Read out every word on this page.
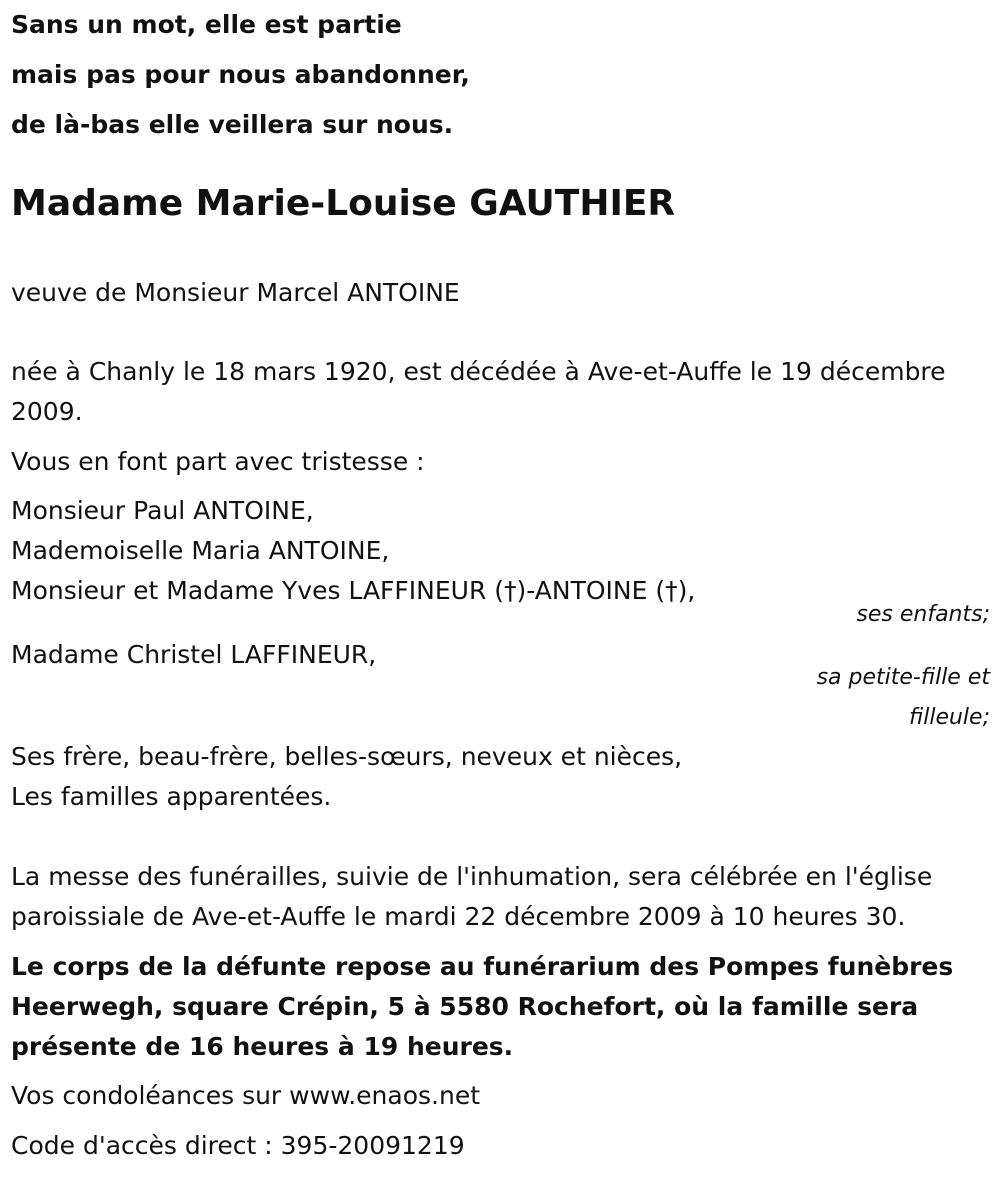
Sans un mot, elle est partie
mais pas pour nous abandonner,
de là-bas elle veillera sur nous.
Madame Marie-Louise GAUTHIER
veuve de Monsieur Marcel ANTOINE
née à Chanly le 18 mars 1920, est décédée à Ave-et-Auffe le 19 décembre
2009.
Vous en font part avec tristesse :
Monsieur Paul ANTOINE,
Mademoiselle Maria ANTOINE,
Monsieur et Madame Yves LAFFINEUR (†)-ANTOINE (†),
ses enfants;
Madame Christel LAFFINEUR,
sa petite-fille et
filleule;
Ses frère, beau-frère, belles-sœurs, neveux et nièces,
Les familles apparentées.
La messe des funérailles, suivie de l'inhumation, sera célébrée en l'église
paroissiale de Ave-et-Auffe le mardi 22 décembre 2009 à 10 heures 30.
Le corps de la défunte repose au funérarium des Pompes funèbres
Heerwegh, square Crépin, 5 à 5580 Rochefort, où la famille sera
présente de 16 heures à 19 heures.
Vos condoléances sur www.enaos.net
Code d'accès direct : 395-20091219
